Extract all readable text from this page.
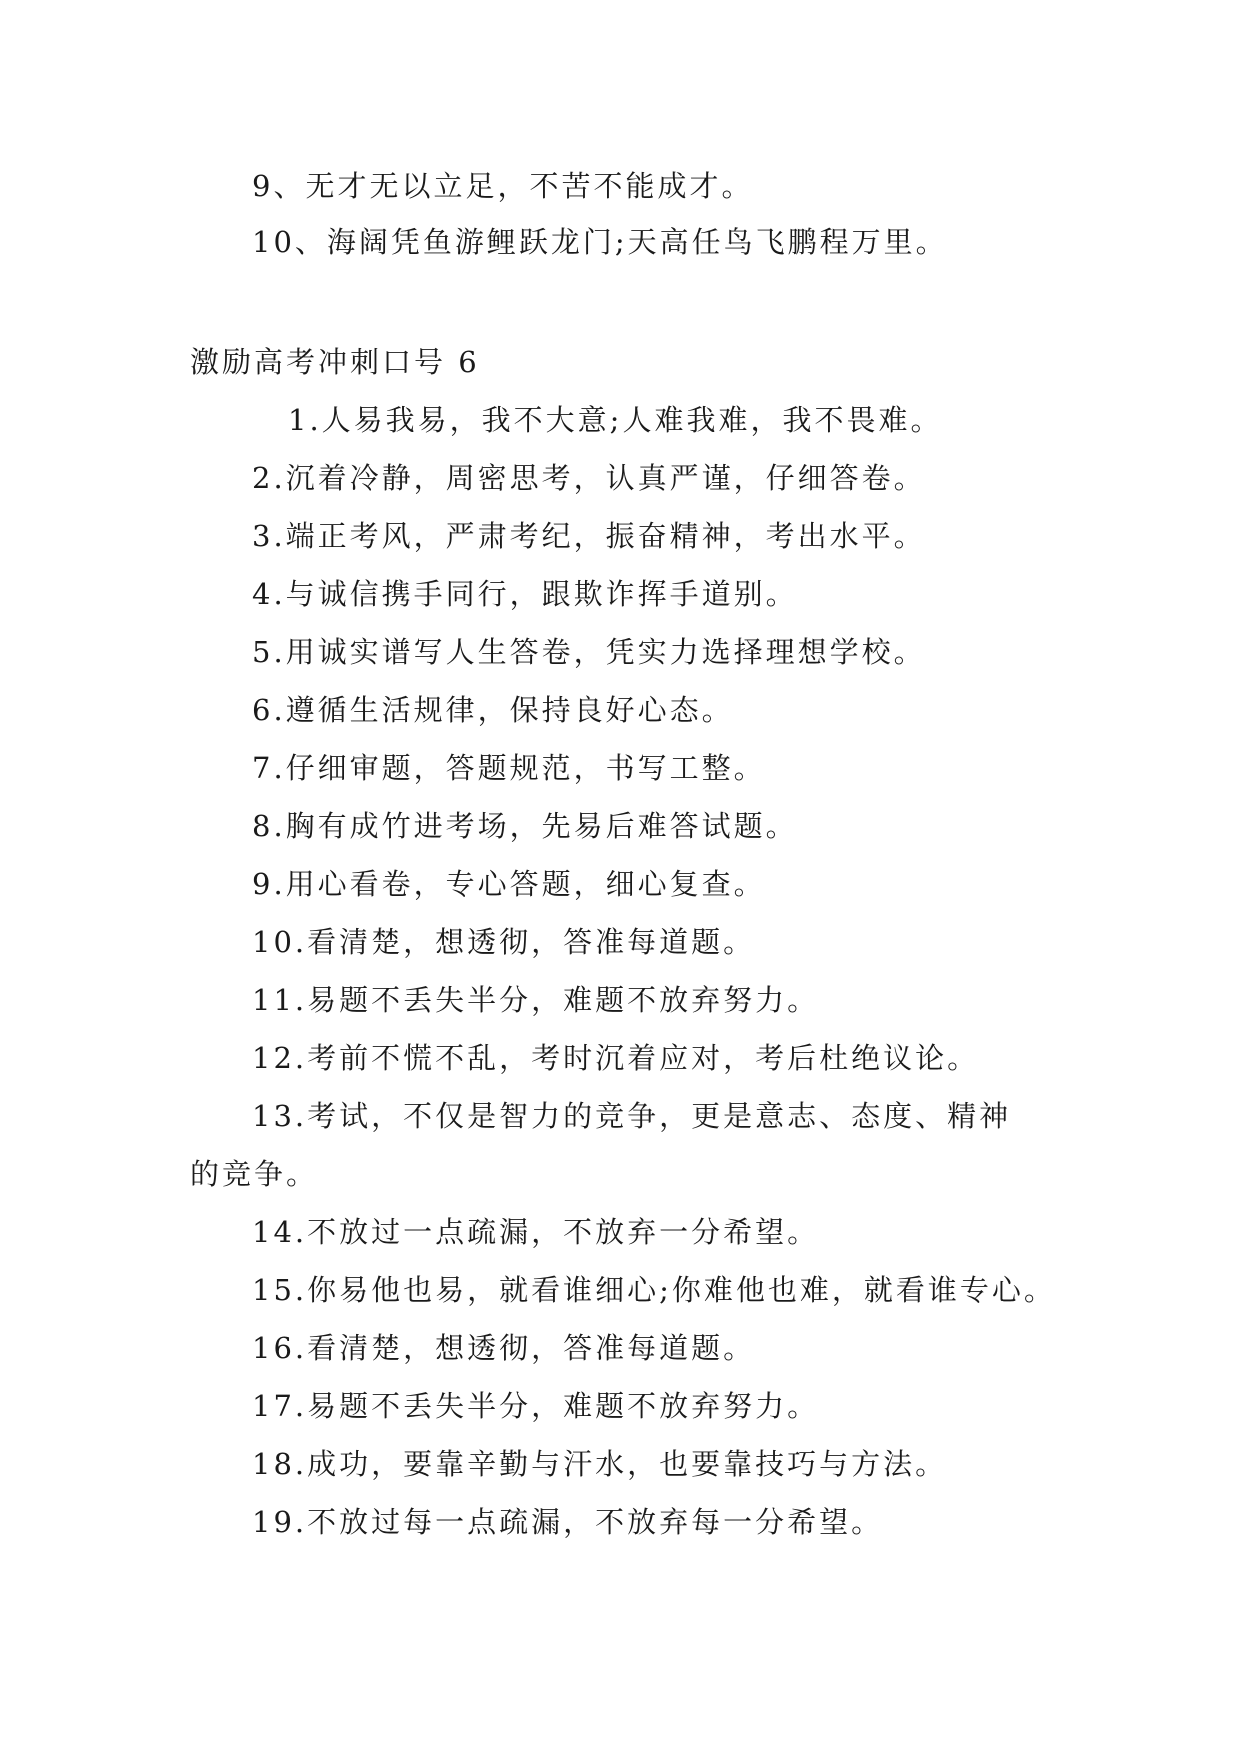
9、无才无以立足，不苦不能成才。
10、海阔凭鱼游鲤跃龙门;天高任鸟飞鹏程万里。
激励高考冲刺口号 6
1.人易我易，我不大意;人难我难，我不畏难。
2.沉着冷静，周密思考，认真严谨，仔细答卷。
3.端正考风，严肃考纪，振奋精神，考出水平。
4.与诚信携手同行，跟欺诈挥手道别。
5.用诚实谱写人生答卷，凭实力选择理想学校。
6.遵循生活规律，保持良好心态。
7.仔细审题，答题规范，书写工整。
8.胸有成竹进考场，先易后难答试题。
9.用心看卷，专心答题，细心复查。
10.看清楚，想透彻，答准每道题。
11.易题不丢失半分，难题不放弃努力。
12.考前不慌不乱，考时沉着应对，考后杜绝议论。
13.考试，不仅是智力的竞争，更是意志、态度、精神
的竞争。
14.不放过一点疏漏，不放弃一分希望。
15.你易他也易，就看谁细心;你难他也难，就看谁专心。
16.看清楚，想透彻，答准每道题。
17.易题不丢失半分，难题不放弃努力。
18.成功，要靠辛勤与汗水，也要靠技巧与方法。
19.不放过每一点疏漏，不放弃每一分希望。
